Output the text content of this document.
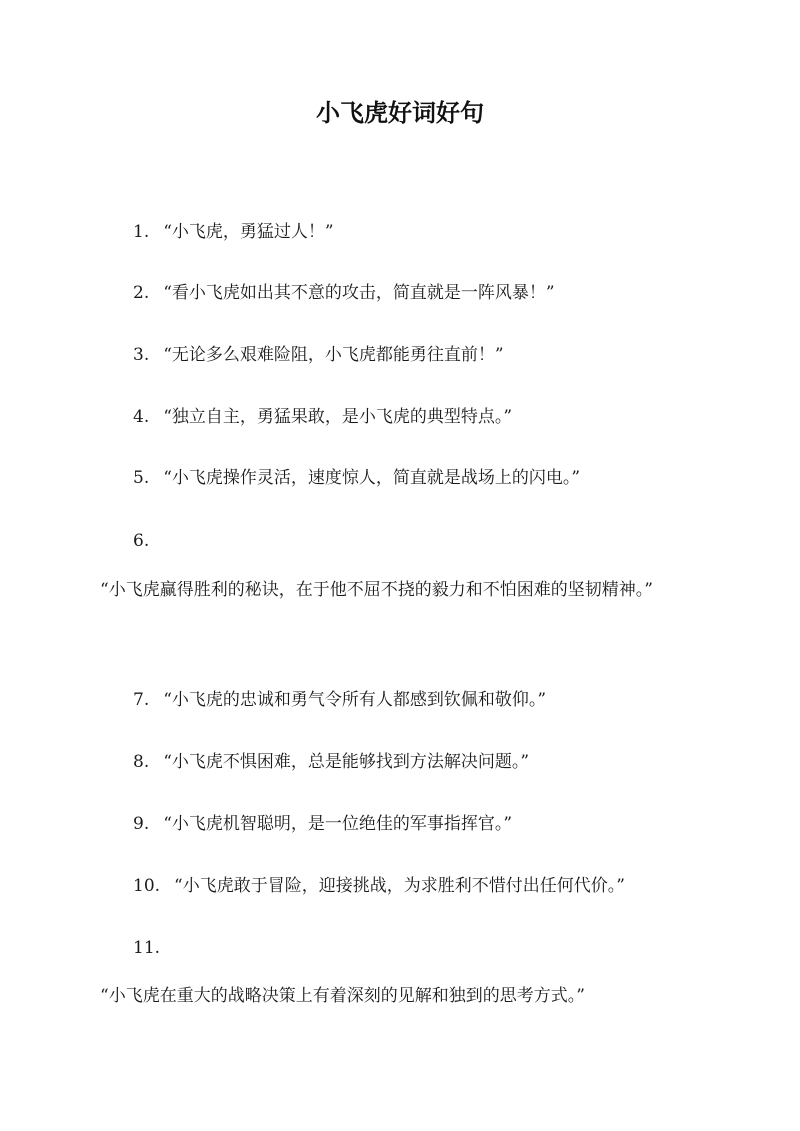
小飞虎好词好句
1. “小飞虎，勇猛过人！”
2. “看小飞虎如出其不意的攻击，简直就是一阵风暴！”
3. “无论多么艰难险阻，小飞虎都能勇往直前！”
4. “独立自主，勇猛果敢，是小飞虎的典型特点。”
5. “小飞虎操作灵活，速度惊人，简直就是战场上的闪电。”
6.
“小飞虎赢得胜利的秘诀，在于他不屈不挠的毅力和不怕困难的坚韧精神。”
7. “小飞虎的忠诚和勇气令所有人都感到钦佩和敬仰。”
8. “小飞虎不惧困难，总是能够找到方法解决问题。”
9. “小飞虎机智聪明，是一位绝佳的军事指挥官。”
10. “小飞虎敢于冒险，迎接挑战，为求胜利不惜付出任何代价。”
11.
“小飞虎在重大的战略决策上有着深刻的见解和独到的思考方式。”
